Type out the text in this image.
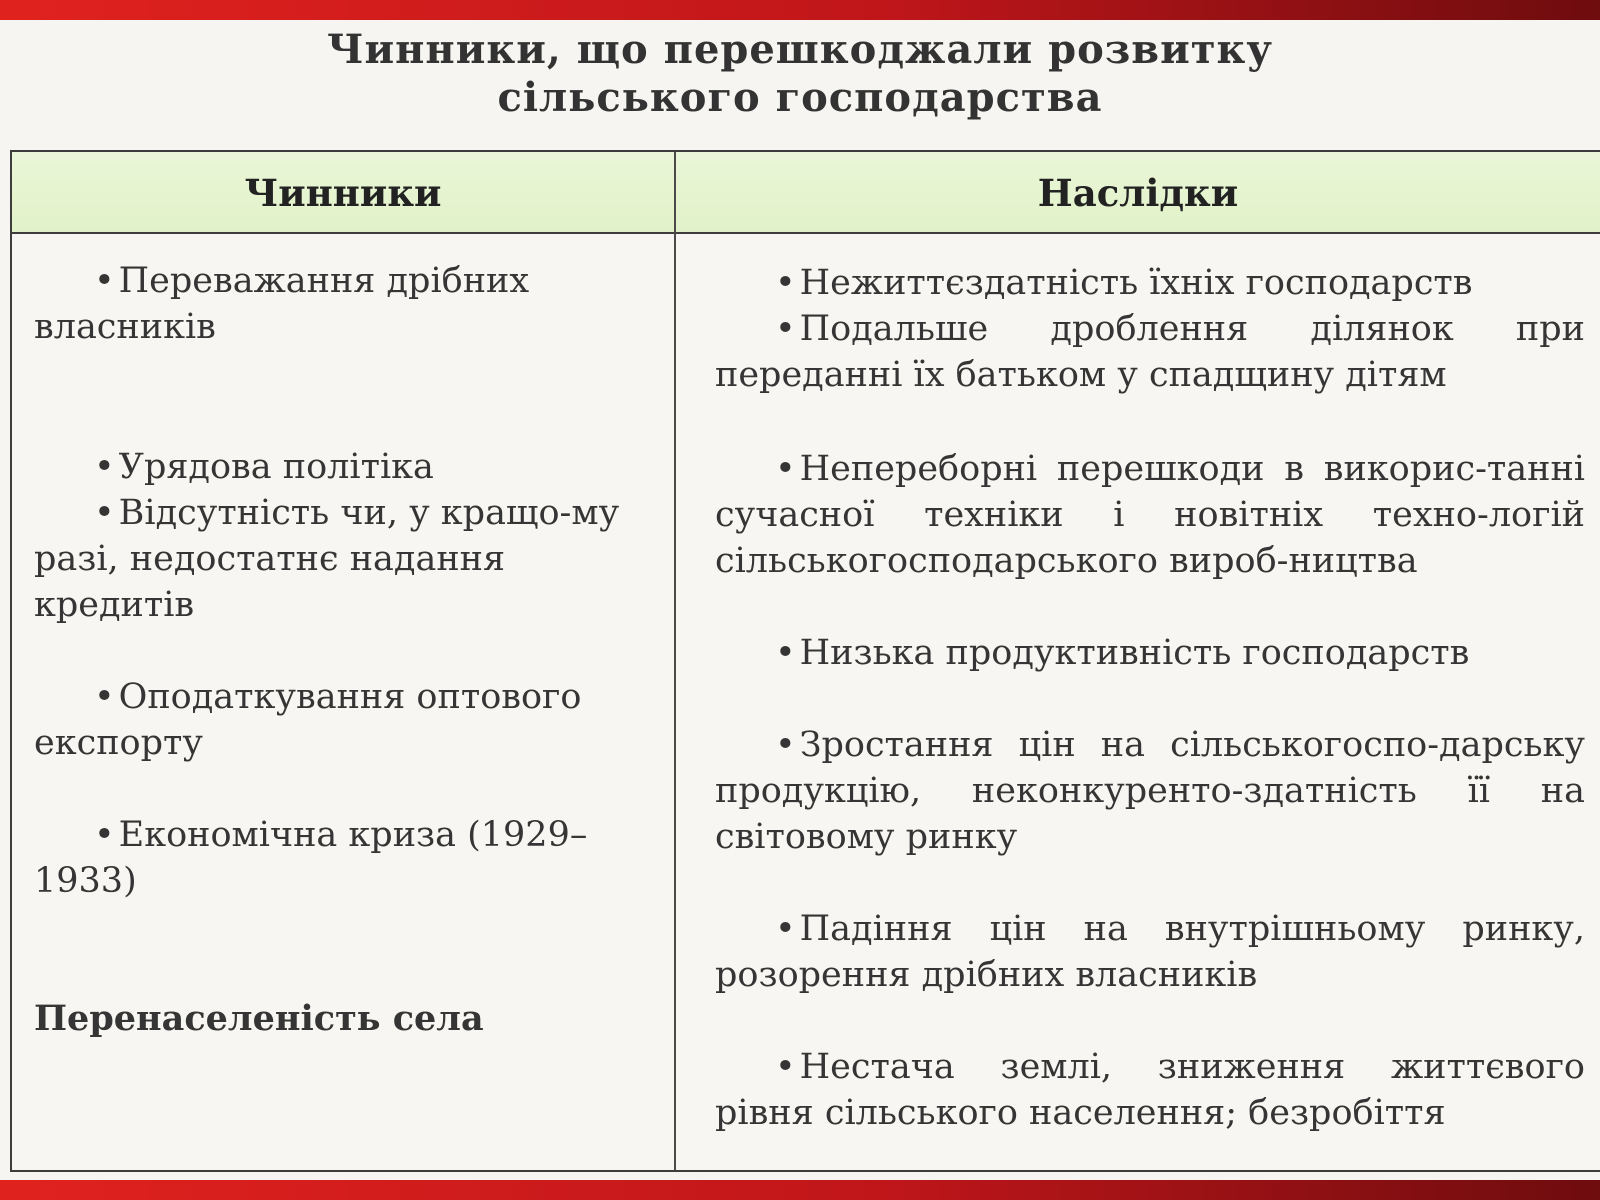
Чинники, що перешкоджали розвитку
сільського господарства
Чинники	Наслідки
• Переважання дрібних власників
• Урядова політіка
• Відсутність чи, у кращо-му разі, недостатнє надання кредитів
• Оподаткування оптового експорту
• Економічна криза (1929–1933)
Перенаселеність села
• Нежиттєздатність їхніх господарств
• Подальше дроблення ділянок при переданні їх батьком у спадщину дітям
• Непереборні перешкоди в викорис-танні сучасної техніки і новітніх техно-логій сільськогосподарського вироб-ництва
• Низька продуктивність господарств
• Зростання цін на сільськогоспо-дарську продукцію, неконкуренто-здатність її на світовому ринку
• Падіння цін на внутрішньому ринку, розорення дрібних власників
• Нестача землі, зниження життєвого рівня сільського населення; безробіття
